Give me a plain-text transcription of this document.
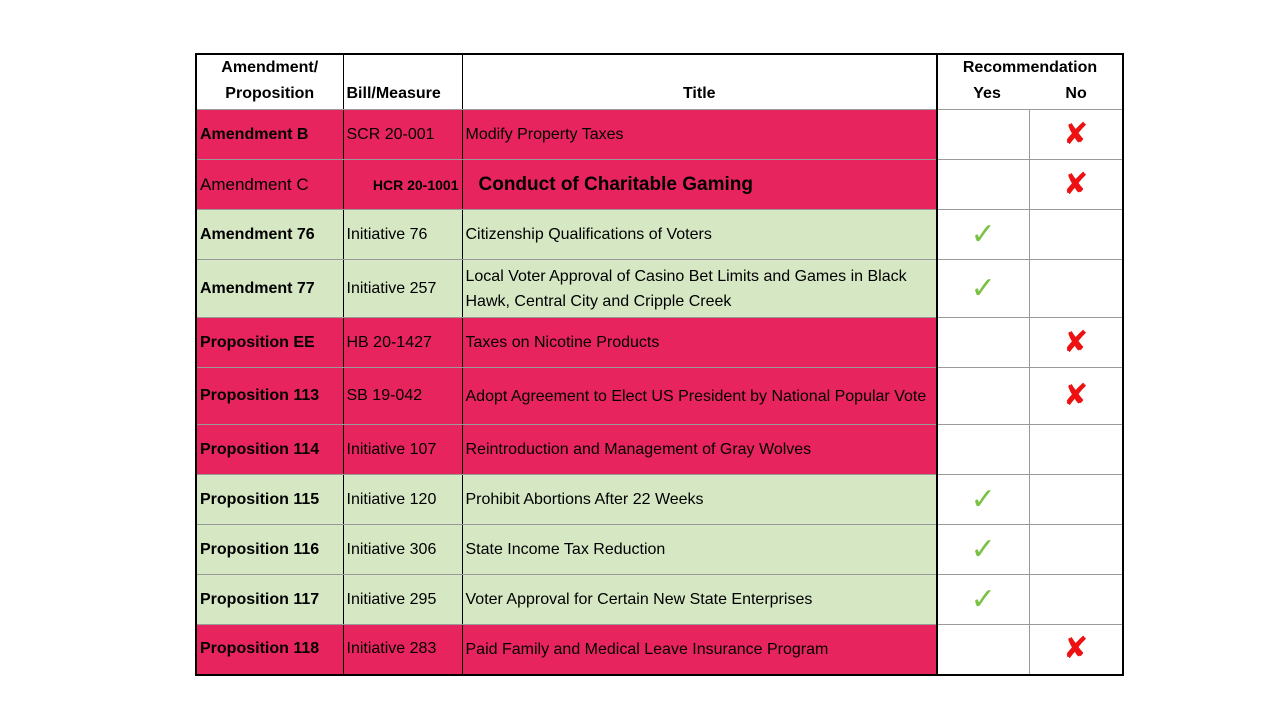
Amendment/
Proposition	Bill/Measure	Title	Recommendation
Yes No	

Amendment B	SCR 20-001	Modify Property Taxes		✘
Amendment C	HCR 20-1001	Conduct of Charitable Gaming		✘
Amendment 76	Initiative 76	Citizenship Qualifications of Voters	✓	
Amendment 77	Initiative 257	Local Voter Approval of Casino Bet Limits and Games in Black Hawk, Central City and Cripple Creek	✓	
Proposition EE	HB 20-1427	Taxes on Nicotine Products		✘
Proposition 113	SB 19-042	Adopt Agreement to Elect US President by National Popular Vote		✘
Proposition 114	Initiative 107	Reintroduction and Management of Gray Wolves		
Proposition 115	Initiative 120	Prohibit Abortions After 22 Weeks	✓	
Proposition 116	Initiative 306	State Income Tax Reduction	✓	
Proposition 117	Initiative 295	Voter Approval for Certain New State Enterprises	✓	
Proposition 118	Initiative 283	Paid Family and Medical Leave Insurance Program		✘
